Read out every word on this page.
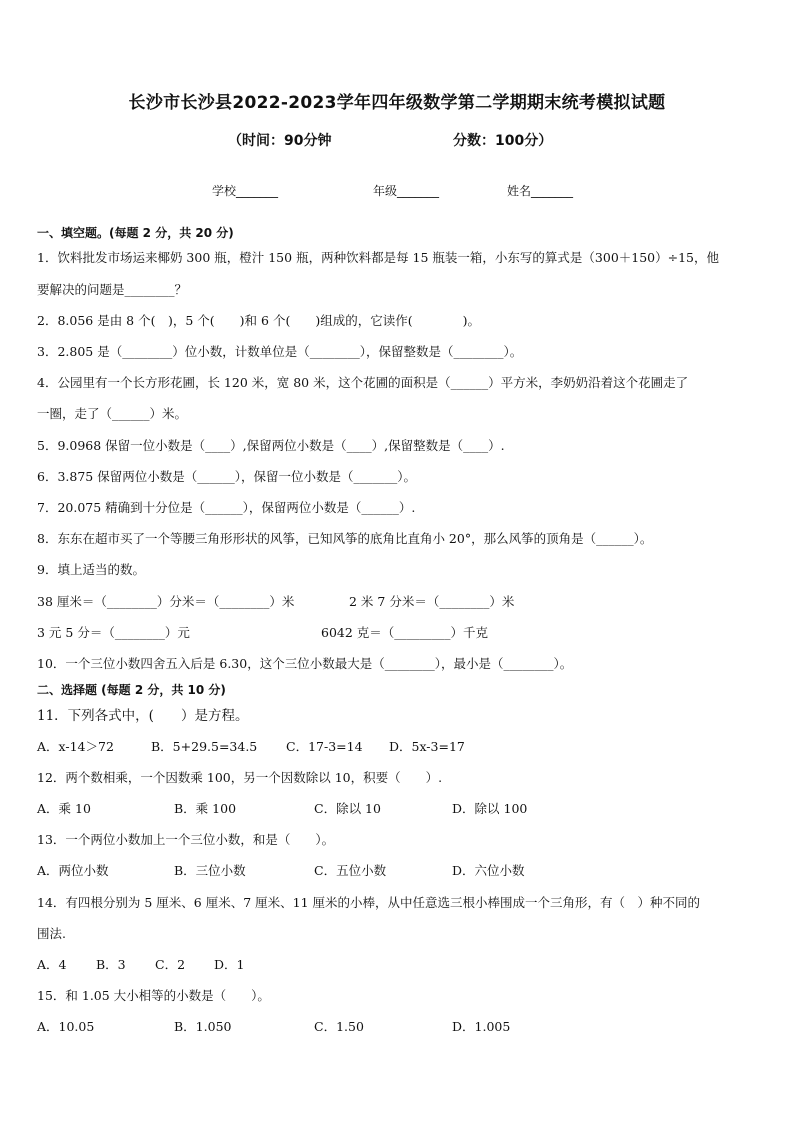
长沙市长沙县2022-2023学年四年级数学第二学期期末统考模拟试题
（时间：90分钟	分数：100分）
学校_______	年级_______	姓名_______
一、填空题。(每题 2 分，共 20 分)
1．饮料批发市场运来椰奶 300 瓶，橙汁 150 瓶，两种饮料都是每 15 瓶装一箱，小东写的算式是（300＋150）÷15，他
要解决的问题是________？
2．8.056 是由 8 个(　)，5 个(　　)和 6 个(　　)组成的，它读作(　　　　)。
3．2.805 是（________）位小数，计数单位是（________），保留整数是（________）。
4．公园里有一个长方形花圃，长 120 米，宽 80 米，这个花圃的面积是（______）平方米，李奶奶沿着这个花圃走了
一圈，走了（______）米。
5．9.0968 保留一位小数是（____）,保留两位小数是（____）,保留整数是（____）.
6．3.875 保留两位小数是（______），保留一位小数是（_______）。
7．20.075 精确到十分位是（______），保留两位小数是（______）.
8．东东在超市买了一个等腰三角形形状的风筝，已知风筝的底角比直角小 20°，那么风筝的顶角是（______）。
9．填上适当的数。
38 厘米＝（________）分米＝（________）米	2 米 7 分米＝（________）米
3 元 5 分＝（________）元	6042 克＝（_________）千克
10．一个三位小数四舍五入后是 6.30，这个三位小数最大是（________），最小是（________）。
二、选择题 (每题 2 分，共 10 分)
11．下列各式中，(　　）是方程。
A．x-14＞72	B．5+29.5=34.5 C．17-3=14 D．5x-3=17
12．两个数相乘，一个因数乘 100，另一个因数除以 10，积要（　　）.
A．乘 10	B．乘 100	C．除以 10	D．除以 100
13．一个两位小数加上一个三位小数，和是（　　）。
A．两位小数	B．三位小数	C．五位小数	D．六位小数
14．有四根分别为 5 厘米、6 厘米、7 厘米、11 厘米的小棒，从中任意选三根小棒围成一个三角形，有（　）种不同的
围法.
A．4 B．3 C．2 D．1
15．和 1.05 大小相等的小数是（　　）。
A．10.05	B．1.050	C．1.50	D．1.005
